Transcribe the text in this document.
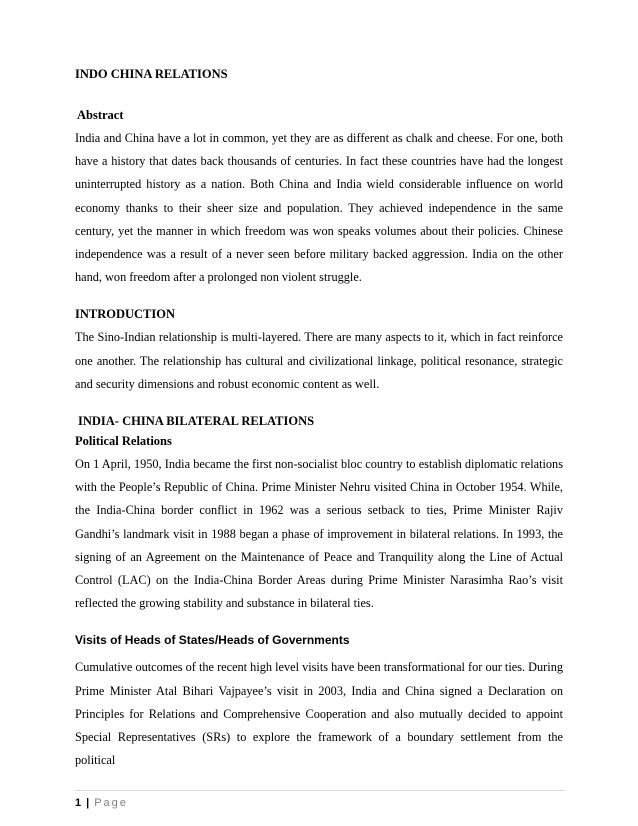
INDO CHINA RELATIONS

Abstract

India and China have a lot in common, yet they are as different as chalk and cheese. For one, both have a history that dates back thousands of centuries. In fact these countries have had the longest uninterrupted history as a nation. Both China and India wield considerable influence on world economy thanks to their sheer size and population. They achieved independence in the same century, yet the manner in which freedom was won speaks volumes about their policies. Chinese independence was a result of a never seen before military backed aggression. India on the other hand, won freedom after a prolonged non violent struggle.

INTRODUCTION

The Sino-Indian relationship is multi-layered. There are many aspects to it, which in fact reinforce one another. The relationship has cultural and civilizational linkage, political resonance, strategic and security dimensions and robust economic content as well.

INDIA- CHINA BILATERAL RELATIONS

Political Relations

On 1 April, 1950, India became the first non-socialist bloc country to establish diplomatic relations with the People’s Republic of China. Prime Minister Nehru visited China in October 1954. While, the India-China border conflict in 1962 was a serious setback to ties, Prime Minister Rajiv Gandhi’s landmark visit in 1988 began a phase of improvement in bilateral relations. In 1993, the signing of an Agreement on the Maintenance of Peace and Tranquility along the Line of Actual Control (LAC) on the India-China Border Areas during Prime Minister Narasimha Rao’s visit reflected the growing stability and substance in bilateral ties.

Visits of Heads of States/Heads of Governments

Cumulative outcomes of the recent high level visits have been transformational for our ties. During Prime Minister Atal Bihari Vajpayee’s visit in 2003, India and China signed a Declaration on Principles for Relations and Comprehensive Cooperation and also mutually decided to appoint Special Representatives (SRs) to explore the framework of a boundary settlement from the political

1 | Page
